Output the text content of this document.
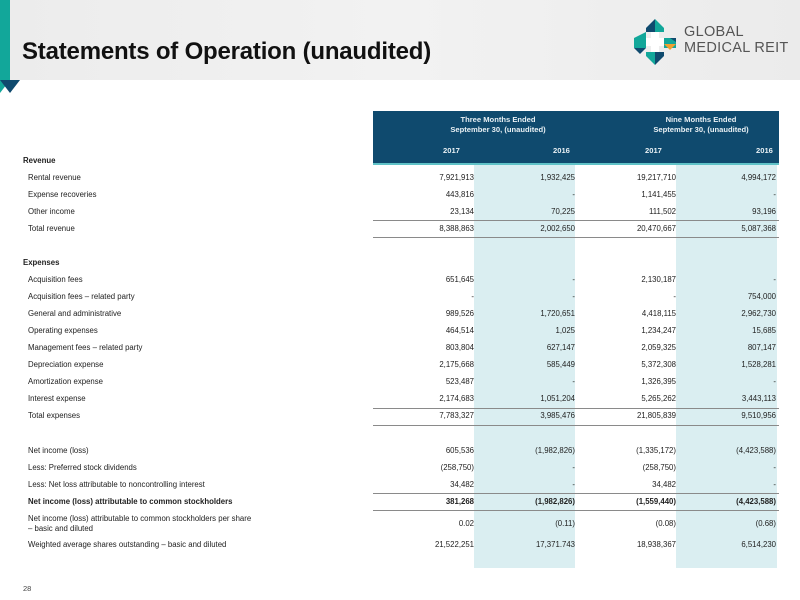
Statements of Operation (unaudited)
GLOBAL
MEDICAL REIT
Three Months Ended
September 30, (unaudited)
Nine Months Ended
September 30, (unaudited)
2017	2016	2017	2016
Revenue
Rental revenue	7,921,913	1,932,425	19,217,710	4,994,172
Expense recoveries	443,816	-	1,141,455	-
Other income	23,134	70,225	111,502	93,196
Total revenue	8,388,863	2,002,650	20,470,667	5,087,368
Expenses
Acquisition fees	651,645	-	2,130,187	-
Acquisition fees – related party	-	-	-	754,000
General and administrative	989,526	1,720,651	4,418,115	2,962,730
Operating expenses	464,514	1,025	1,234,247	15,685
Management fees – related party	803,804	627,147	2,059,325	807,147
Depreciation expense	2,175,668	585,449	5,372,308	1,528,281
Amortization expense	523,487	-	1,326,395	-
Interest expense	2,174,683	1,051,204	5,265,262	3,443,113
Total expenses	7,783,327	3,985,476	21,805,839	9,510,956
Net income (loss)	605,536	(1,982,826)	(1,335,172)	(4,423,588)
Less: Preferred stock dividends	(258,750)	-	(258,750)	-
Less: Net loss attributable to noncontrolling interest	34,482	-	34,482	-
Net income (loss) attributable to common stockholders	381,268	(1,982,826)	(1,559,440)	(4,423,588)
Net income (loss) attributable to common stockholders per share
– basic and diluted
0.02	(0.11)	(0.08)	(0.68)
Weighted average shares outstanding – basic and diluted	21,522,251	17,371.743	18,938,367	6,514,230
28
